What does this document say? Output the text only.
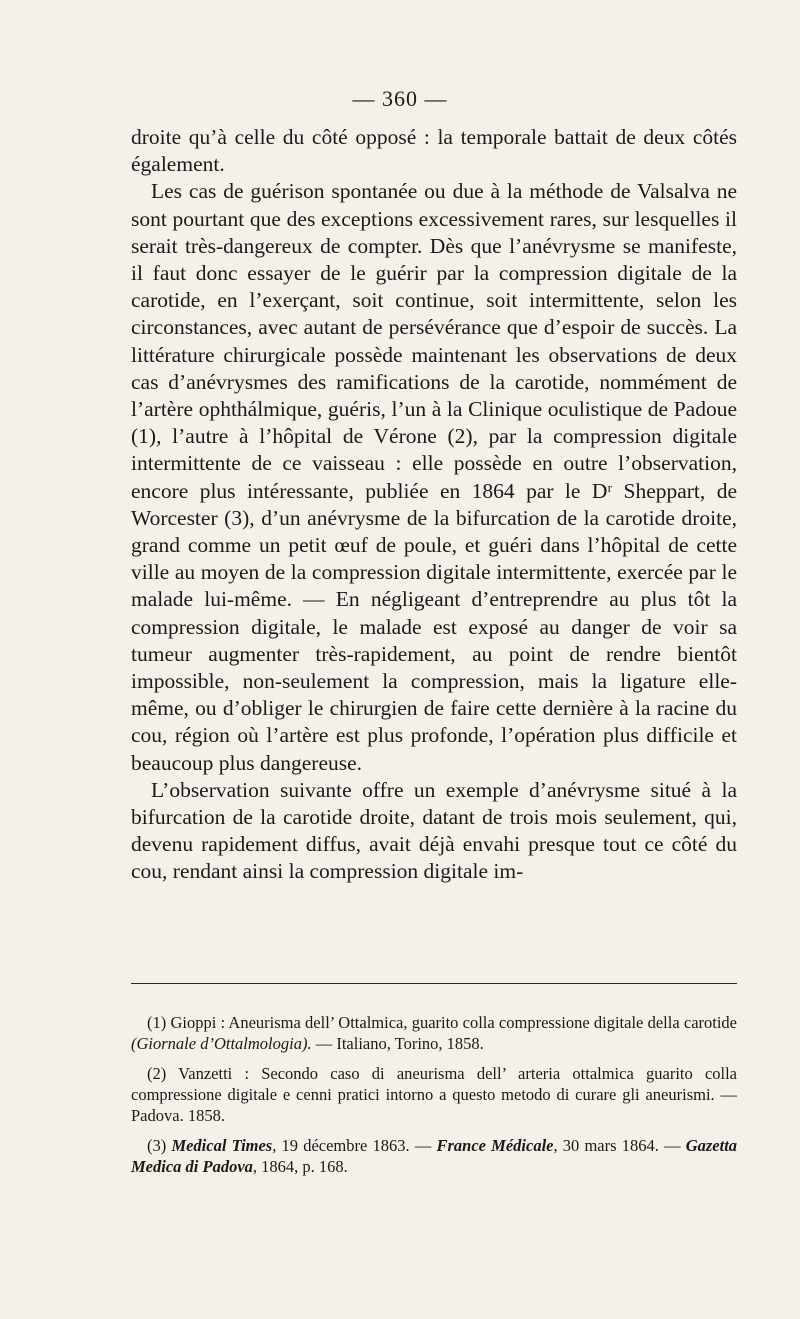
— 360 —

droite qu’à celle du côté opposé : la temporale battait de deux côtés également.

Les cas de guérison spontanée ou due à la méthode de Valsalva ne sont pourtant que des exceptions excessivement rares, sur lesquelles il serait très-dangereux de compter. Dès que l’anévrysme se manifeste, il faut donc essayer de le guérir par la compression digitale de la carotide, en l’exerçant, soit continue, soit intermittente, selon les circonstances, avec autant de persévérance que d’espoir de succès. La littérature chirurgicale possède maintenant les observations de deux cas d’anévrysmes des ramifications de la carotide, nommément de l’artère ophthálmique, guéris, l’un à la Clinique oculistique de Padoue (1), l’autre à l’hôpital de Vérone (2), par la compression digitale intermittente de ce vaisseau : elle possède en outre l’observation, encore plus intéressante, publiée en 1864 par le Dʳ Sheppart, de Worcester (3), d’un anévrysme de la bifurcation de la carotide droite, grand comme un petit œuf de poule, et guéri dans l’hôpital de cette ville au moyen de la compression digitale intermittente, exercée par le malade lui-même. — En négligeant d’entreprendre au plus tôt la compression digitale, le malade est exposé au danger de voir sa tumeur augmenter très-rapidement, au point de rendre bientôt impossible, non-seulement la compression, mais la ligature elle-même, ou d’obliger le chirurgien de faire cette dernière à la racine du cou, région où l’artère est plus profonde, l’opération plus difficile et beaucoup plus dangereuse.

L’observation suivante offre un exemple d’anévrysme situé à la bifurcation de la carotide droite, datant de trois mois seulement, qui, devenu rapidement diffus, avait déjà envahi presque tout ce côté du cou, rendant ainsi la compression digitale im-

(1) Gioppi : Aneurisma dell’ Ottalmica, guarito colla compressione digitale della carotide (Giornale d’Ottalmologia). — Italiano, Torino, 1858.

(2) Vanzetti : Secondo caso di aneurisma dell’ arteria ottalmica guarito colla compressione digitale e cenni pratici intorno a questo metodo di curare gli aneurismi. — Padova. 1858.

(3) Medical Times, 19 décembre 1863. — France Médicale, 30 mars 1864. — Gazetta Medica di Padova, 1864, p. 168.
